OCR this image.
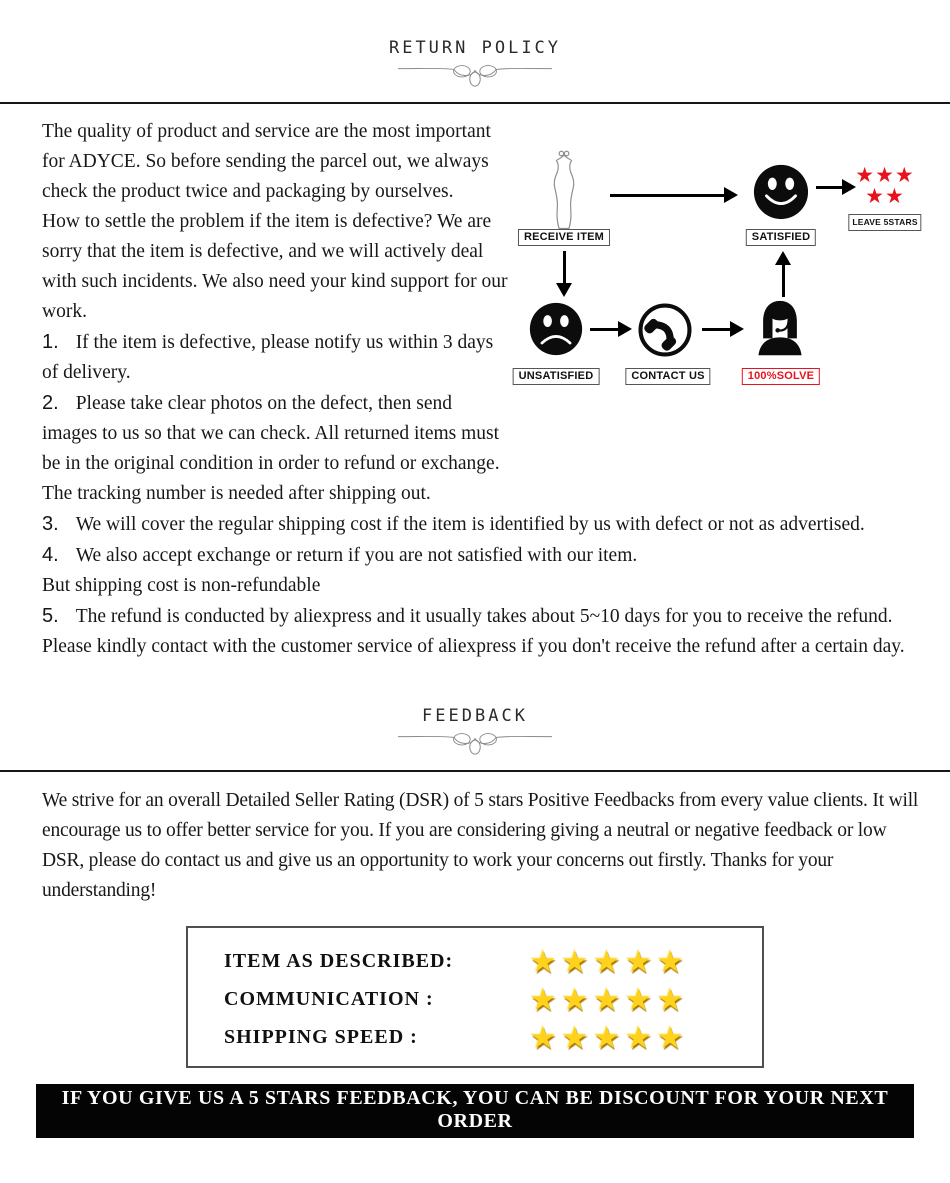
RETURN POLICY
RECEIVE ITEM	SATISFIED
★★★
★★
LEAVE 5STARS
UNSATISFIED	CONTACT US	100%SOLVE

The quality of product and service are the most important for ADYCE. So before sending the parcel out, we always check the product twice and packaging by ourselves.

How to settle the problem if the item is defective? We are sorry that the item is defective, and we will actively deal with such incidents. We also need your kind support for our work.

1. If the item is defective, please notify us within 3 days of delivery.

2. Please take clear photos on the defect, then send images to us so that we can check. All returned items must be in the original condition in order to refund or exchange. The tracking number is needed after shipping out.

3. We will cover the regular shipping cost if the item is identified by us with defect or not as advertised.

4. We also accept exchange or return if you are not satisfied with our item.
But shipping cost is non-refundable

5. The refund is conducted by aliexpress and it usually takes about 5~10 days for you to receive the refund. Please kindly contact with the customer service of aliexpress if you don't receive the refund after a certain day.

FEEDBACK

We strive for an overall Detailed Seller Rating (DSR) of 5 stars Positive Feedbacks from every value clients. It will encourage us to offer better service for you. If you are considering giving a neutral or negative feedback or low DSR, please do contact us and give us an opportunity to work your concerns out firstly. Thanks for your understanding!

ITEM AS DESCRIBED:	★★★★★
COMMUNICATION :	★★★★★
SHIPPING SPEED :	★★★★★
IF YOU GIVE US A 5 STARS FEEDBACK, YOU CAN BE DISCOUNT FOR YOUR NEXT ORDER
